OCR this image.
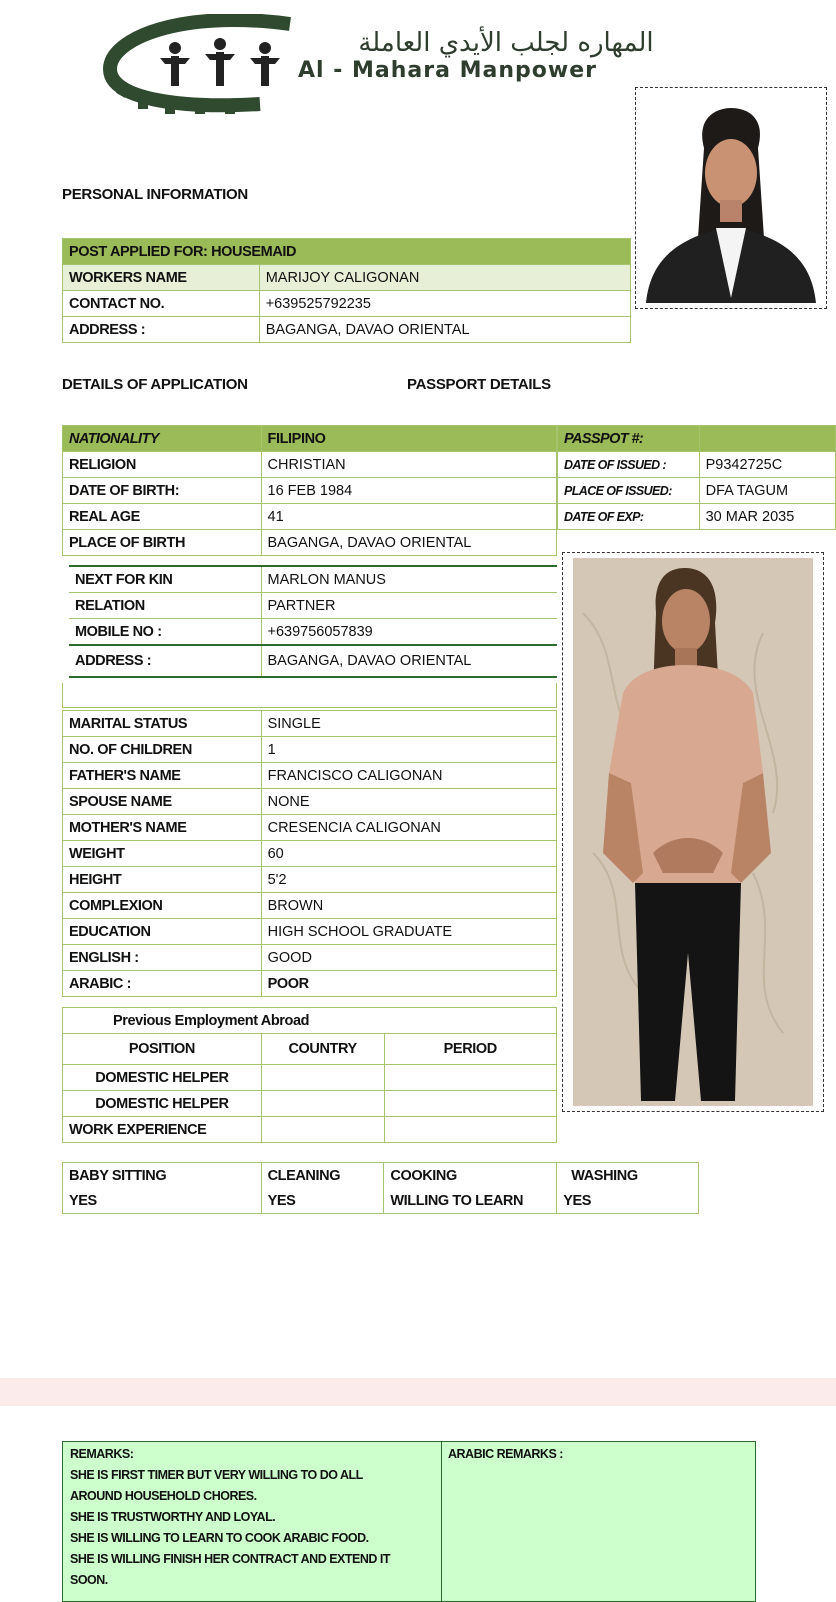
المهاره لجلب الأيدي العاملة
Al - Mahara Manpower
PERSONAL INFORMATION
POST APPLIED FOR: HOUSEMAID	
WORKERS NAME	MARIJOY CALIGONAN
CONTACT NO.	+639525792235
ADDRESS :	BAGANGA, DAVAO ORIENTAL
DETAILS OF APPLICATION	PASSPORT DETAILS
NATIONALITY	FILIPINO
RELIGION	CHRISTIAN
DATE OF BIRTH:	16 FEB 1984
REAL AGE	41
PLACE OF BIRTH	BAGANGA, DAVAO ORIENTAL
PASSPOT #:	
DATE OF ISSUED :	P9342725C
PLACE OF ISSUED:	DFA TAGUM
DATE OF EXP:	30 MAR 2035
NEXT FOR KIN	MARLON MANUS
RELATION	PARTNER
MOBILE NO :	+639756057839
ADDRESS :	BAGANGA, DAVAO ORIENTAL
MARITAL STATUS	SINGLE
NO. OF CHILDREN	1
FATHER'S NAME	FRANCISCO CALIGONAN
SPOUSE NAME	NONE
MOTHER'S NAME	CRESENCIA CALIGONAN
WEIGHT	60
HEIGHT	5'2
COMPLEXION	BROWN
EDUCATION	HIGH SCHOOL GRADUATE
ENGLISH :	GOOD
ARABIC :	POOR
Previous Employment Abroad		
POSITION	COUNTRY	PERIOD
DOMESTIC HELPER		
DOMESTIC HELPER		
WORK EXPERIENCE		
BABY SITTING	CLEANING	COOKING	WASHING
YES	YES	WILLING TO LEARN	YES
REMARKS:
SHE IS FIRST TIMER BUT VERY WILLING TO DO ALL
AROUND HOUSEHOLD CHORES.
SHE IS TRUSTWORTHY AND LOYAL.
SHE IS WILLING TO LEARN TO COOK ARABIC FOOD.
SHE IS WILLING FINISH HER CONTRACT AND EXTEND IT
SOON.
ARABIC REMARKS :
